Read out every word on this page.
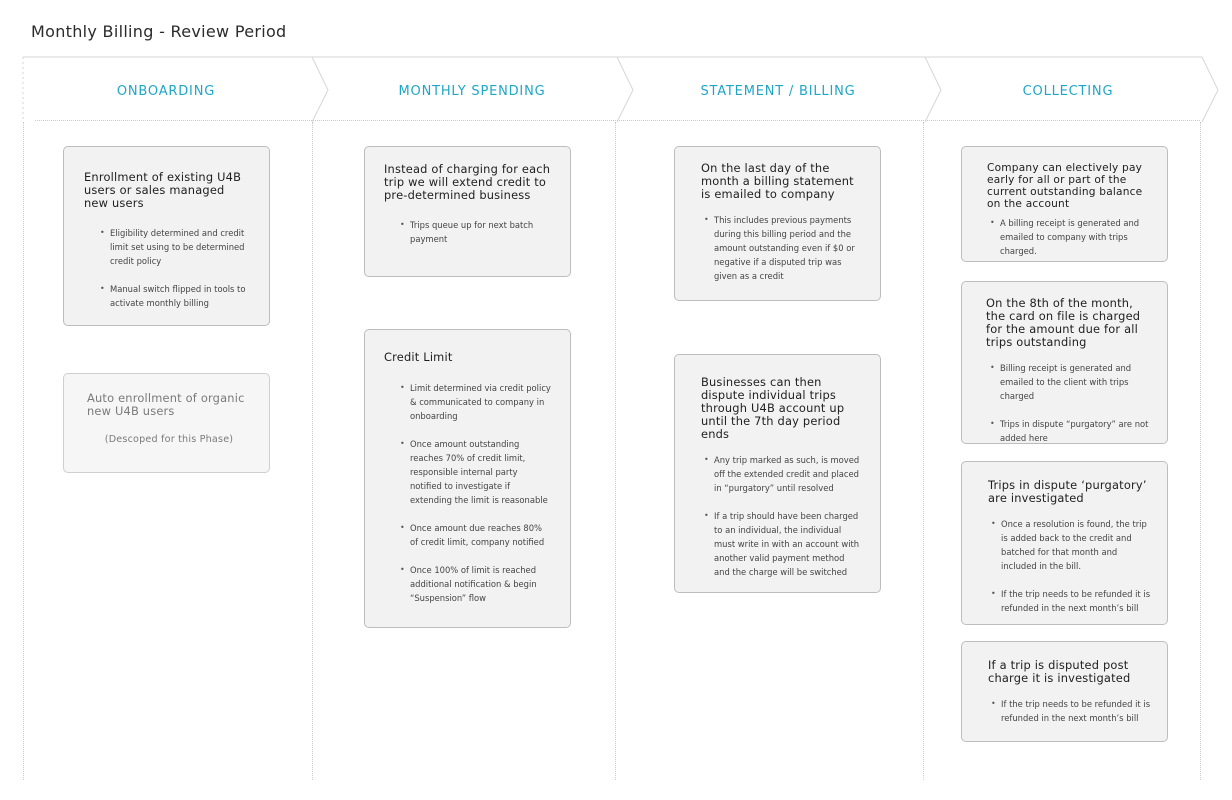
Monthly Billing - Review Period
ONBOARDING	MONTHLY SPENDING	STATEMENT / BILLING	COLLECTING
Enrollment of existing U4B users or sales managed new users
• Eligibility determined and credit limit set using to be determined credit policy
• Manual switch flipped in tools to activate monthly billing
Auto enrollment of organic new U4B users
(Descoped for this Phase)
Instead of charging for each trip we will extend credit to pre-determined business
• Trips queue up for next batch payment
Credit Limit
• Limit determined via credit policy & communicated to company in onboarding
• Once amount outstanding reaches 70% of credit limit, responsible internal party notified to investigate if extending the limit is reasonable
• Once amount due reaches 80% of credit limit, company notified
• Once 100% of limit is reached additional notification & begin “Suspension” flow
On the last day of the month a billing statement is emailed to company
• This includes previous payments during this billing period and the amount outstanding even if $0 or negative if a disputed trip was given as a credit
Businesses can then dispute individual trips through U4B account up until the 7th day period ends
• Any trip marked as such, is moved off the extended credit and placed in “purgatory” until resolved
• If a trip should have been charged to an individual, the individual must write in with an account with another valid payment method and the charge will be switched
Company can electively pay early for all or part of the current outstanding balance on the account
• A billing receipt is generated and emailed to company with trips charged.
On the 8th of the month, the card on file is charged for the amount due for all trips outstanding
• Billing receipt is generated and emailed to the client with trips charged
• Trips in dispute “purgatory” are not added here
Trips in dispute ‘purgatory’ are investigated
• Once a resolution is found, the trip is added back to the credit and batched for that month and included in the bill.
• If the trip needs to be refunded it is refunded in the next month’s bill
If a trip is disputed post charge it is investigated
• If the trip needs to be refunded it is refunded in the next month’s bill
